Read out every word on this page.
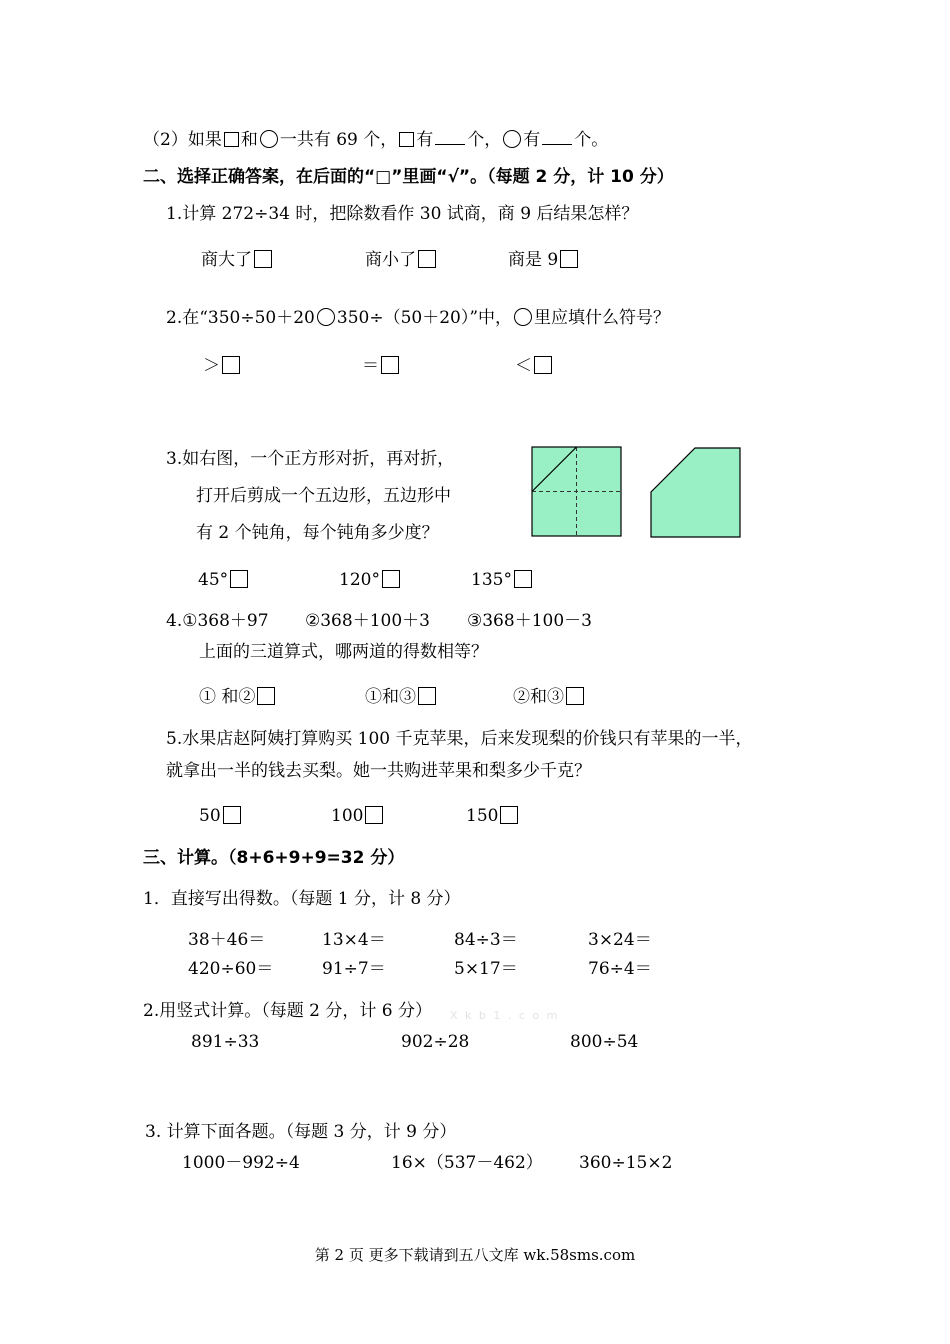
（2）如果 和 一共有 69 个， 有 个， 有 个。
二、选择正确答案，在后面的“□”里画“√”。（每题 2 分，计 10 分）
1.计算 272÷34 时，把除数看作 30 试商，商 9 后结果怎样？
商大了	商小了	商是 9
2.在“350÷50＋20 350÷（50＋20）”中， 里应填什么符号？
＞	＝	＜
3.如右图，一个正方形对折，再对折，
打开后剪成一个五边形，五边形中
有 2 个钝角，每个钝角多少度？
45°	120°	135°
4.①368＋97 ②368＋100＋3 ③368＋100－3
上面的三道算式，哪两道的得数相等？
① 和②	①和③	②和③
5.水果店赵阿姨打算购买 100 千克苹果，后来发现梨的价钱只有苹果的一半，
就拿出一半的钱去买梨。她一共购进苹果和梨多少千克？
50	100	150
三、计算。（8+6+9+9=32 分）
1．直接写出得数。（每题 1 分，计 8 分）
38＋46＝	13×4＝	84÷3＝	3×24＝
420÷60＝	91÷7＝	5×17＝	76÷4＝
2.用竖式计算。（每题 2 分，计 6 分） X k b 1 . c o m
891÷33	902÷28	800÷54
3. 计算下面各题。（每题 3 分，计 9 分）
1000－992÷4	16×（537－462） 360÷15×2
第 2 页 更多下载请到五八文库 wk.58sms.com
